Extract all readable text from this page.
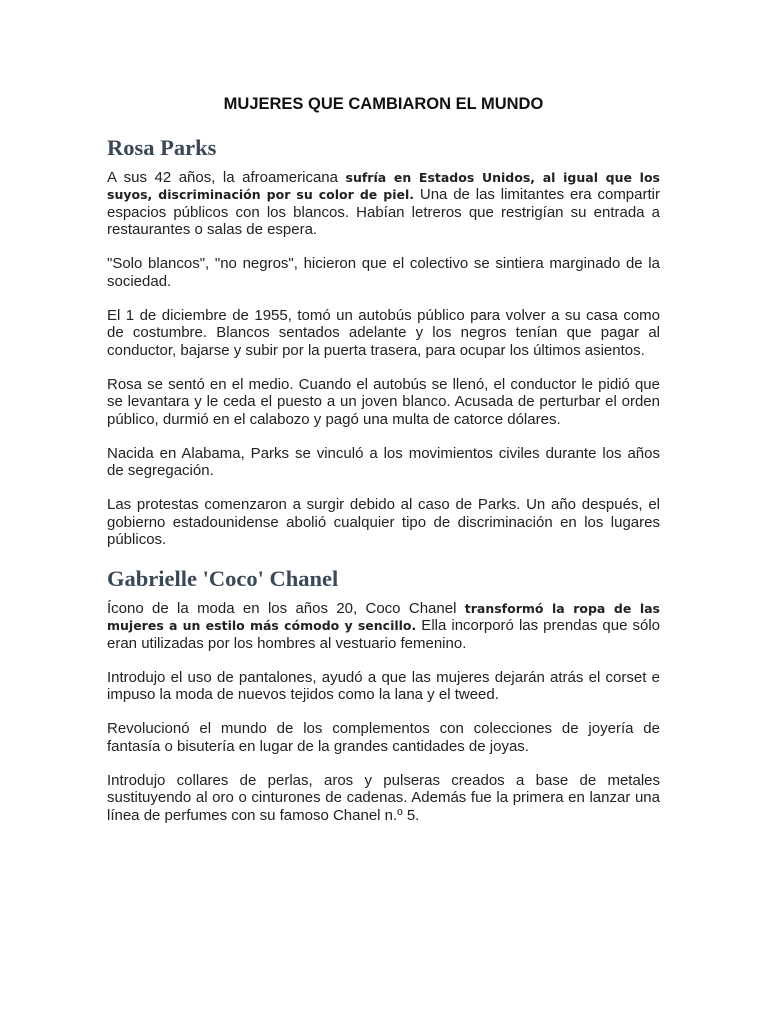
MUJERES QUE CAMBIARON EL MUNDO
Rosa Parks

A sus 42 años, la afroamericana sufría en Estados Unidos, al igual que los
suyos, discriminación por su color de piel. Una de las limitantes era compartir
espacios públicos con los blancos. Habían letreros que restrigían su entrada a
restaurantes o salas de espera.

"Solo blancos", "no negros", hicieron que el colectivo se sintiera marginado de la
sociedad.

El 1 de diciembre de 1955, tomó un autobús público para volver a su casa como
de costumbre. Blancos sentados adelante y los negros tenían que pagar al
conductor, bajarse y subir por la puerta trasera, para ocupar los últimos asientos.

Rosa se sentó en el medio. Cuando el autobús se llenó, el conductor le pidió que
se levantara y le ceda el puesto a un joven blanco. Acusada de perturbar el orden
público, durmió en el calabozo y pagó una multa de catorce dólares.

Nacida en Alabama, Parks se vinculó a los movimientos civiles durante los años
de segregación.

Las protestas comenzaron a surgir debido al caso de Parks. Un año después, el
gobierno estadounidense abolió cualquier tipo de discriminación en los lugares
públicos.

Gabrielle 'Coco' Chanel

Ícono de la moda en los años 20, Coco Chanel transformó la ropa de las
mujeres a un estilo más cómodo y sencillo. Ella incorporó las prendas que sólo
eran utilizadas por los hombres al vestuario femenino.

Introdujo el uso de pantalones, ayudó a que las mujeres dejarán atrás el corset e
impuso la moda de nuevos tejidos como la lana y el tweed.

Revolucionó el mundo de los complementos con colecciones de joyería de
fantasía o bisutería en lugar de la grandes cantidades de joyas.

Introdujo collares de perlas, aros y pulseras creados a base de metales
sustituyendo al oro o cinturones de cadenas. Además fue la primera en lanzar una
línea de perfumes con su famoso Chanel n.º 5.
